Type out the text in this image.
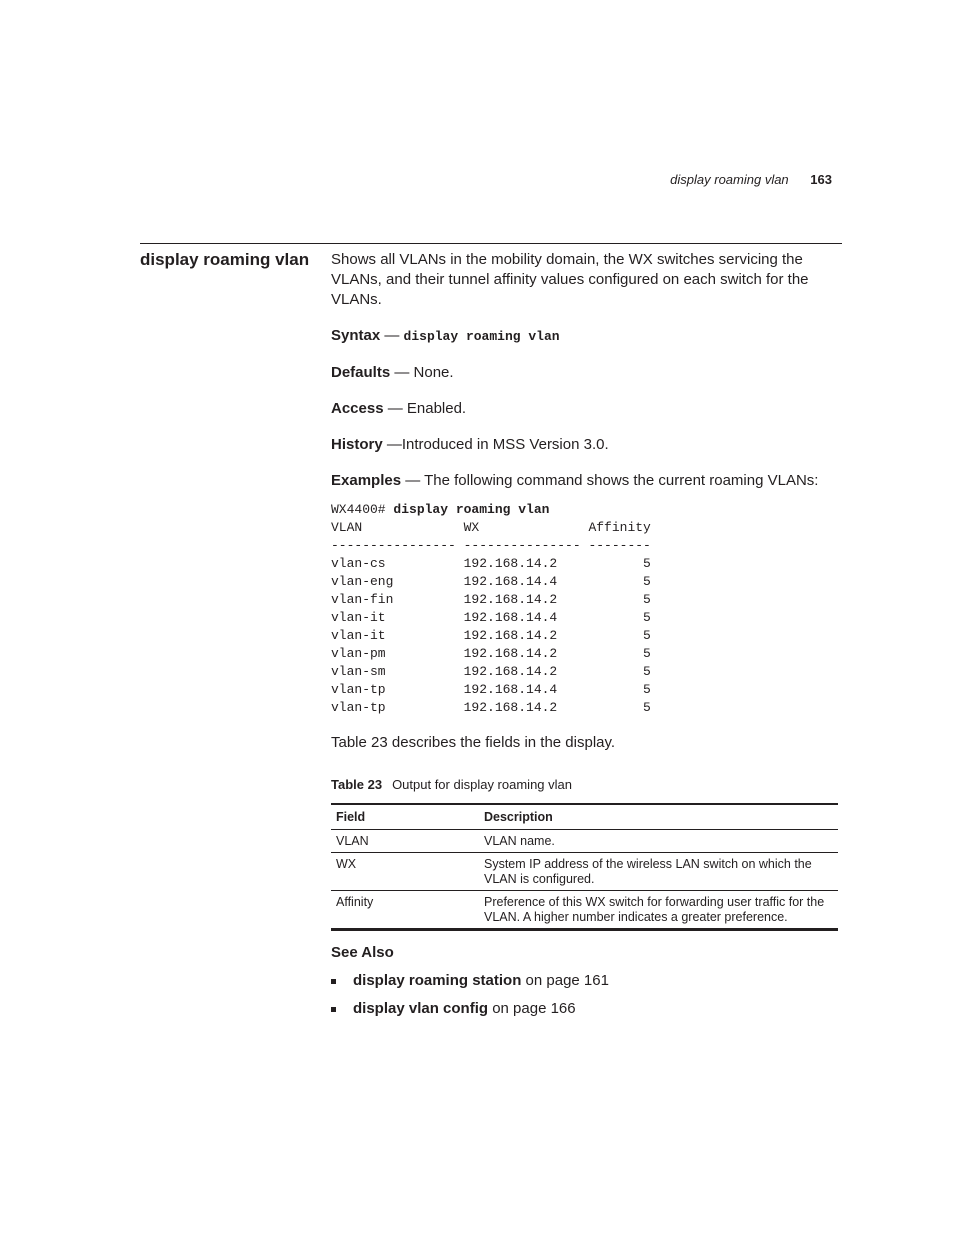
display roaming vlan 163
display roaming vlan	Shows all VLANs in the mobility domain, the WX switches servicing the VLANs, and their tunnel affinity values configured on each switch for the VLANs.

Syntax — display roaming vlan

Defaults — None.

Access — Enabled.

History —Introduced in MSS Version 3.0.

Examples — The following command shows the current roaming VLANs:

WX4400# display roaming vlan
VLAN             WX              Affinity
---------------- --------------- --------
vlan-cs          192.168.14.2           5
vlan-eng         192.168.14.4           5
vlan-fin         192.168.14.2           5
vlan-it          192.168.14.4           5
vlan-it          192.168.14.2           5
vlan-pm          192.168.14.2           5
vlan-sm          192.168.14.2           5
vlan-tp          192.168.14.4           5
vlan-tp          192.168.14.2           5

Table 23 describes the fields in the display.

Table 23 Output for display roaming vlan

Field	Description
VLAN	VLAN name.
WX	System IP address of the wireless LAN switch on which the VLAN is configured.
Affinity	Preference of this WX switch for forwarding user traffic for the VLAN. A higher number indicates a greater preference.

See Also

display roaming station on page 161
display vlan config on page 166
